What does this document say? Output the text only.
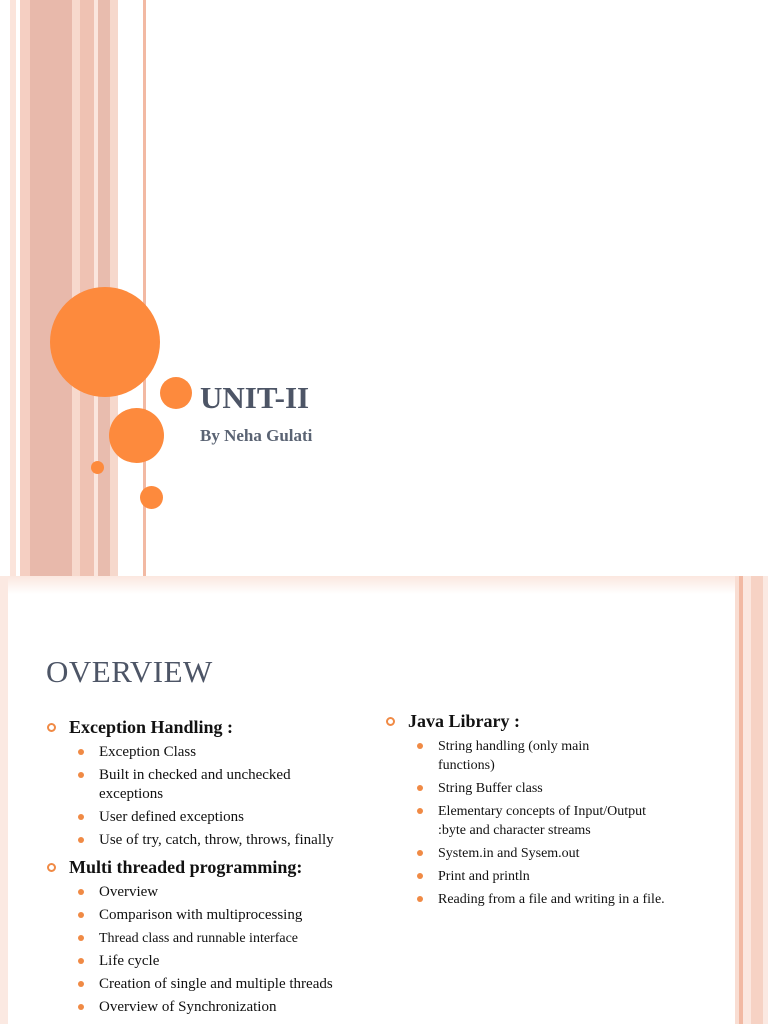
UNIT-II
By Neha Gulati
OVERVIEW
Exception Handling :
Exception Class
Built in checked and unchecked exceptions
User defined exceptions
Use of try, catch, throw, throws, finally
Multi threaded programming:
Overview
Comparison with multiprocessing
Thread class and runnable interface
Life cycle
Creation of single and multiple threads
Overview of Synchronization
Java Library :
String handling (only main functions)
String Buffer class
Elementary concepts of Input/Output :byte and character streams
System.in and Sysem.out
Print and println
Reading from a file and writing in a file.
